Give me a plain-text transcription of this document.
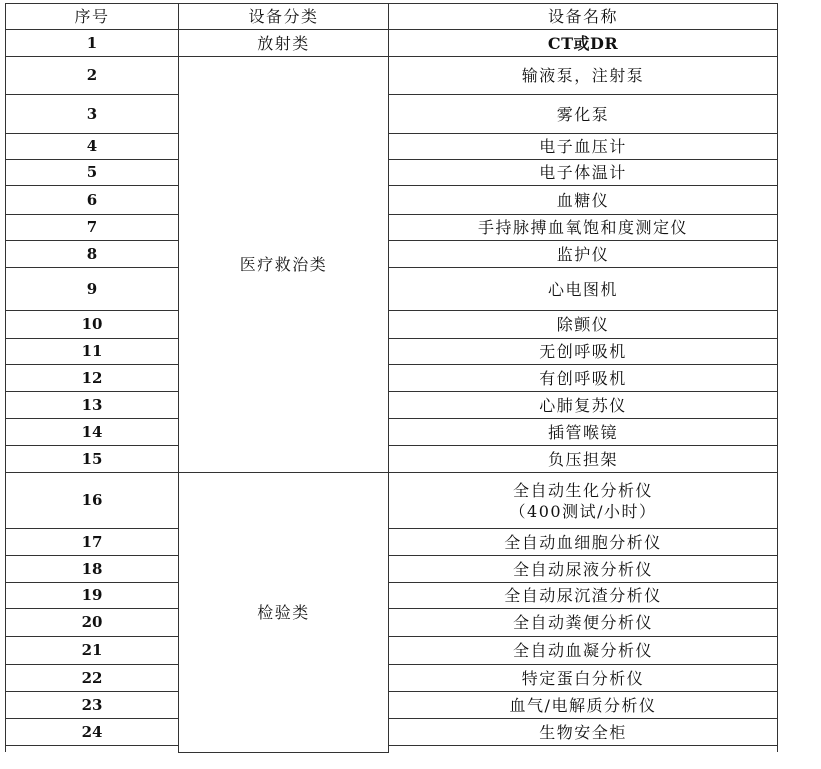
序号	设备分类	设备名称
1	放射类	CT或DR
2	医疗救治类	输液泵，注射泵
3		雾化泵
4		电子血压计
5		电子体温计
6		血糖仪
7		手持脉搏血氧饱和度测定仪
8		监护仪
9		心电图机
10		除颤仪
11		无创呼吸机
12		有创呼吸机
13		心肺复苏仪
14		插管喉镜
15		负压担架
16	检验类	全自动生化分析仪
（400测试/小时）

17		全自动血细胞分析仪
18		全自动尿液分析仪
19		全自动尿沉渣分析仪
20		全自动粪便分析仪
21		全自动血凝分析仪
22		特定蛋白分析仪
23		血气/电解质分析仪
24		生物安全柜
